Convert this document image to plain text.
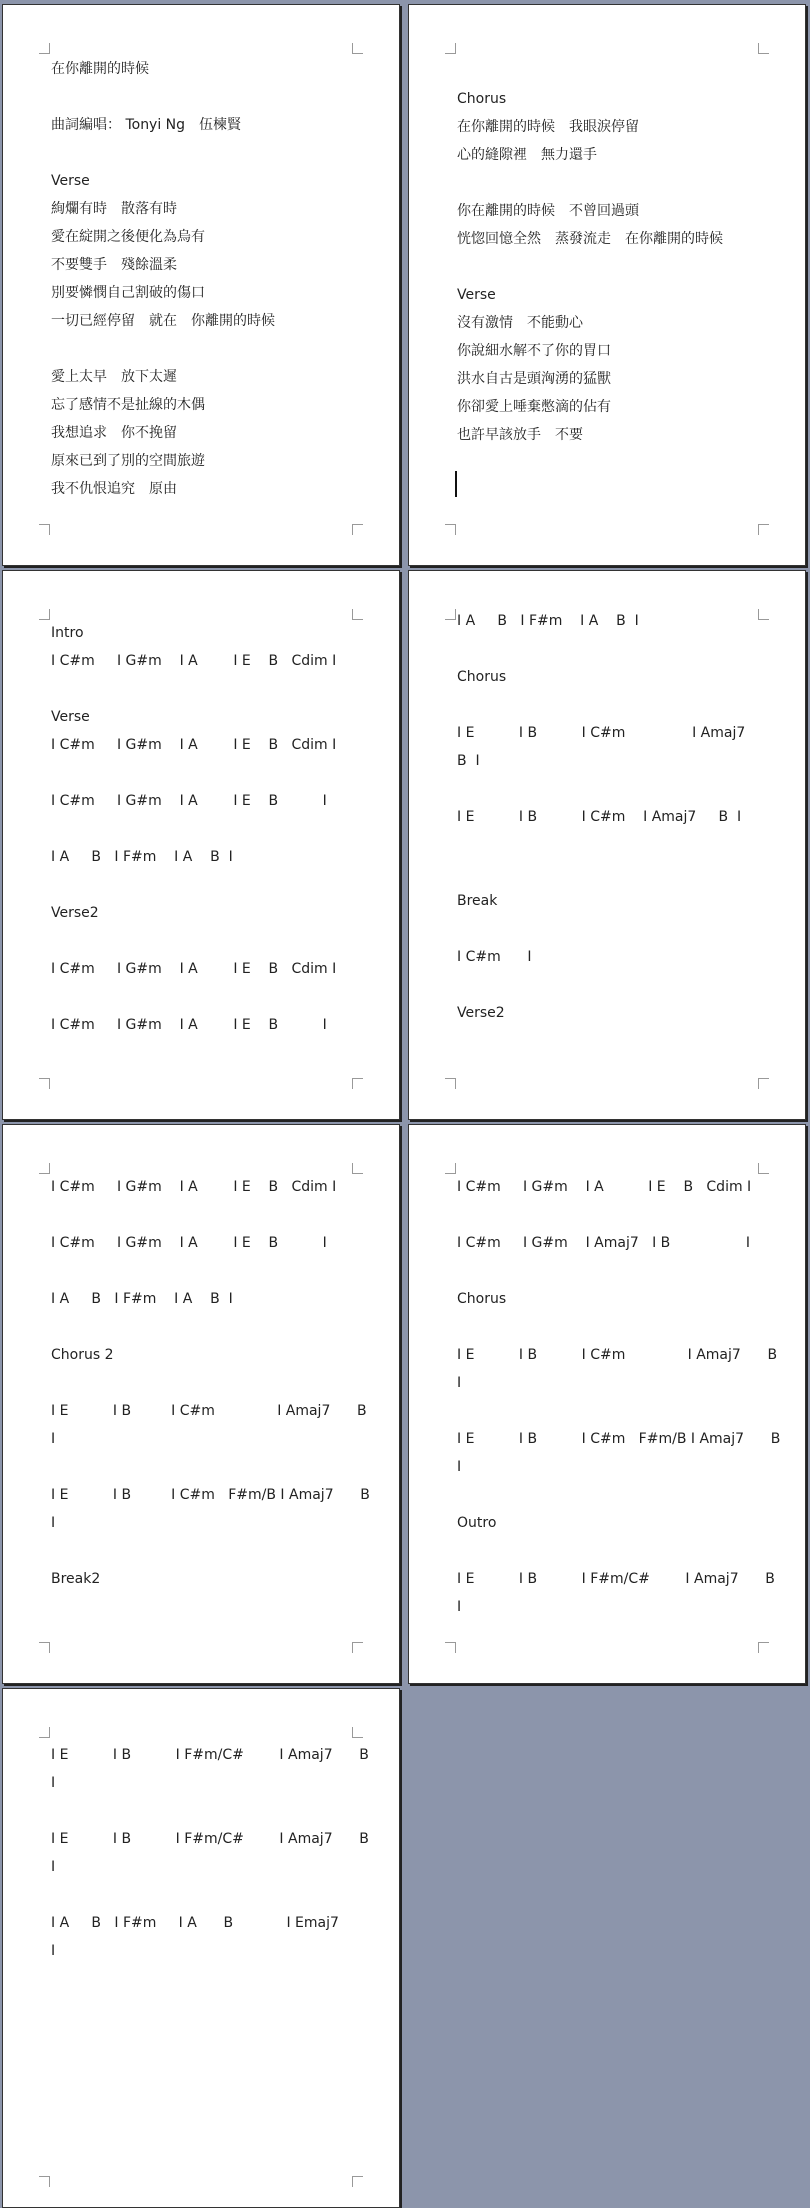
在你離開的時候
曲詞編唱： Tonyi Ng　伍楝賢
Verse
絢爛有時　散落有時
愛在綻開之後便化為烏有
不要雙手　殘餘溫柔
別要憐憫自己割破的傷口
一切已經停留　就在　你離開的時候
愛上太早　放下太遲
忘了感情不是扯線的木偶
我想追求　你不挽留
原來已到了別的空間旅遊
我不仇恨追究　原由
Chorus
在你離開的時候　我眼淚停留
心的縫隙裡　無力還手
你在離開的時候　不曾回過頭
恍惚回憶全然　蒸發流走　在你離開的時候
Verse
沒有激情　不能動心
你說細水解不了你的胃口
洪水自古是頭洶湧的猛獸
你卻愛上唾棄憋滴的佔有
也許早該放手　不要
Intro
I C#m     I G#m    I A        I E    B   Cdim I
Verse
I C#m     I G#m    I A        I E    B   Cdim I
I C#m     I G#m    I A        I E    B          I
I A     B   I F#m    I A    B  I
Verse2
I C#m     I G#m    I A        I E    B   Cdim I
I C#m     I G#m    I A        I E    B          I
I A     B   I F#m    I A    B  I
Chorus
I E          I B          I C#m               I Amaj7
B  I
I E          I B          I C#m    I Amaj7     B  I
Break
I C#m      I
Verse2
I C#m     I G#m    I A        I E    B   Cdim I
I C#m     I G#m    I A        I E    B          I
I A     B   I F#m    I A    B  I
Chorus 2
I E          I B         I C#m              I Amaj7      B
I
I E          I B         I C#m   F#m/B I Amaj7      B
I
Break2
I C#m     I G#m    I A          I E    B   Cdim I
I C#m     I G#m    I Amaj7   I B                 I
Chorus
I E          I B          I C#m              I Amaj7      B
I
I E          I B          I C#m   F#m/B I Amaj7      B
I
Outro
I E          I B          I F#m/C#        I Amaj7      B
I
I E          I B          I F#m/C#        I Amaj7      B
I
I E          I B          I F#m/C#        I Amaj7      B
I
I A     B   I F#m     I A      B            I Emaj7
I
